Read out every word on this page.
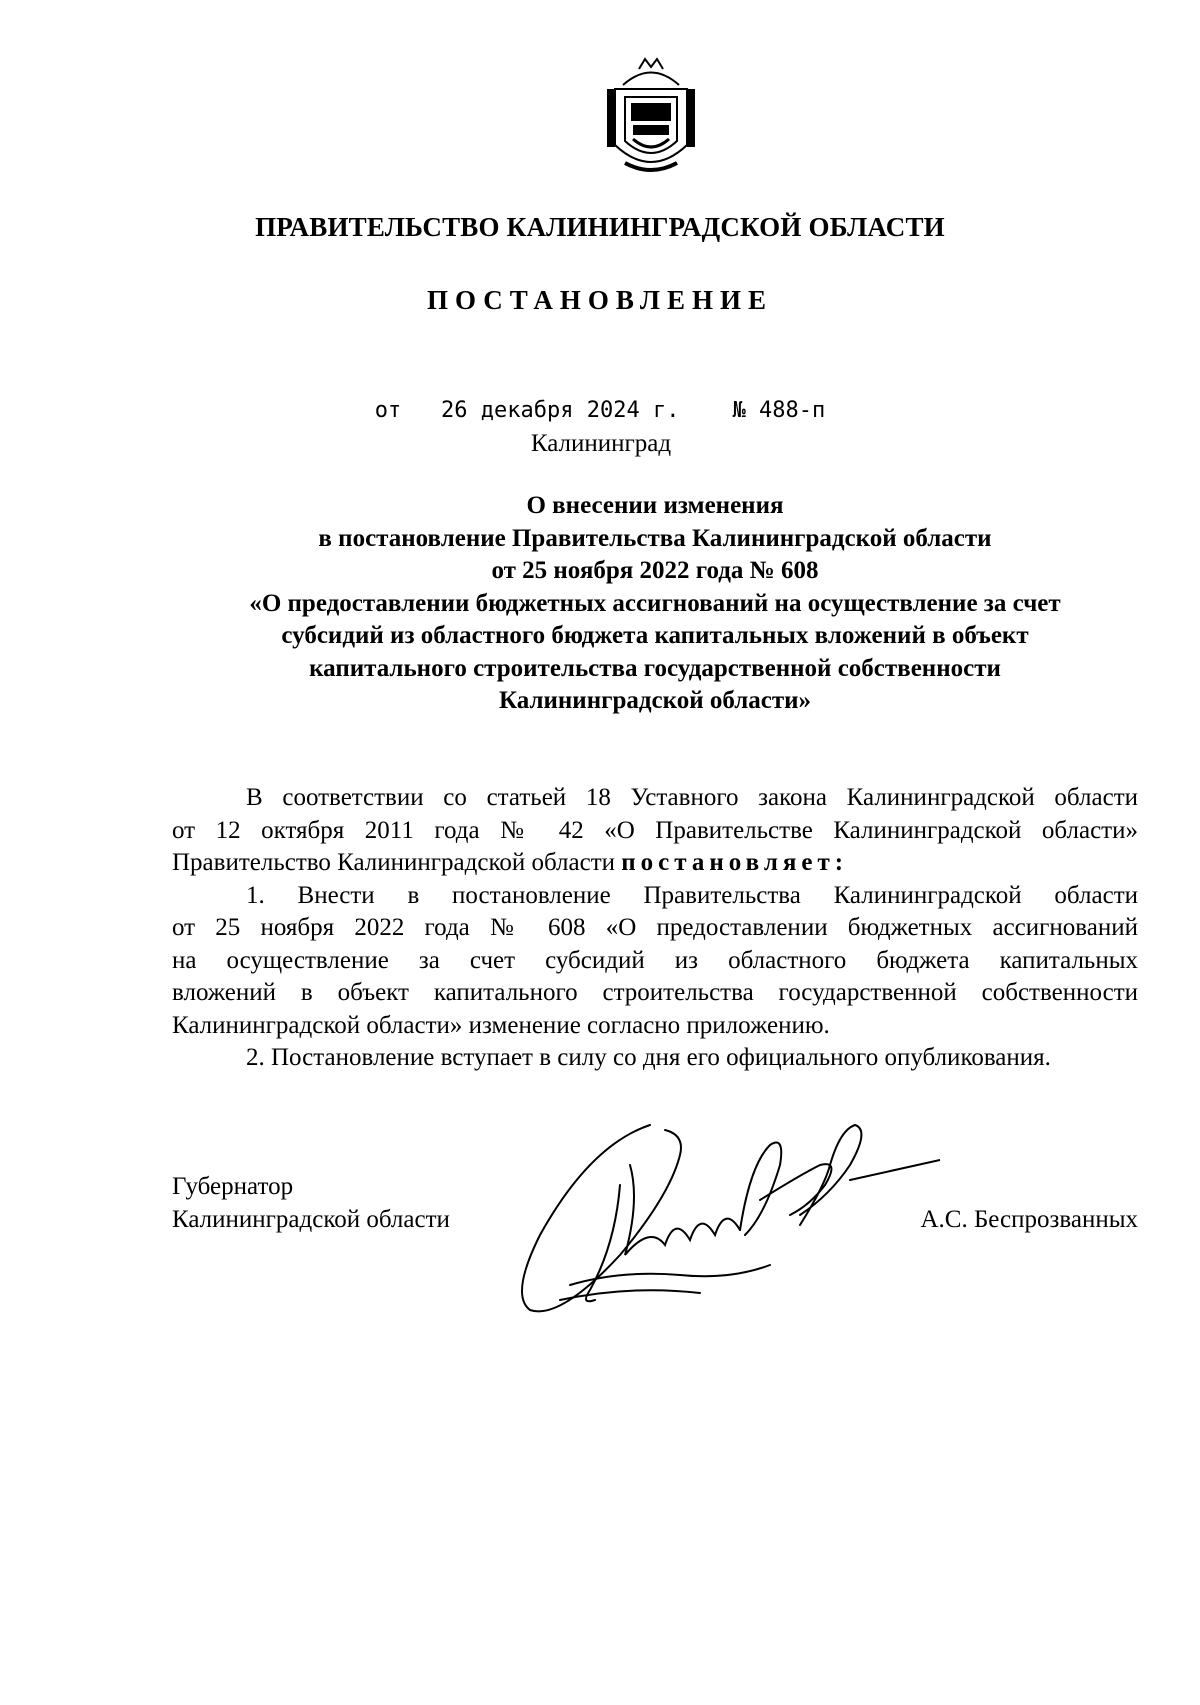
ПРАВИТЕЛЬСТВО КАЛИНИНГРАДСКОЙ ОБЛАСТИ
ПОСТАНОВЛЕНИЕ
от 26 декабря 2024 г. № 488-п
Калининград
О внесении изменения
в постановление Правительства Калининградской области
от 25 ноября 2022 года № 608
«О предоставлении бюджетных ассигнований на осуществление за счет
субсидий из областного бюджета капитальных вложений в объект
капитального строительства государственной собственности
Калининградской области»

В соответствии со статьей 18 Уставного закона Калининградской области

от 12 октября 2011 года № 42 «О Правительстве Калининградской области»

Правительство Калининградской области постановляет:

1. Внести в постановление Правительства Калининградской области

от 25 ноября 2022 года № 608 «О предоставлении бюджетных ассигнований

на осуществление за счет субсидий из областного бюджета капитальных

вложений в объект капитального строительства государственной собственности

Калининградской области» изменение согласно приложению.

2. Постановление вступает в силу со дня его официального опубликования.

Губернатор
Калининградской области	А.С. Беспрозванных
